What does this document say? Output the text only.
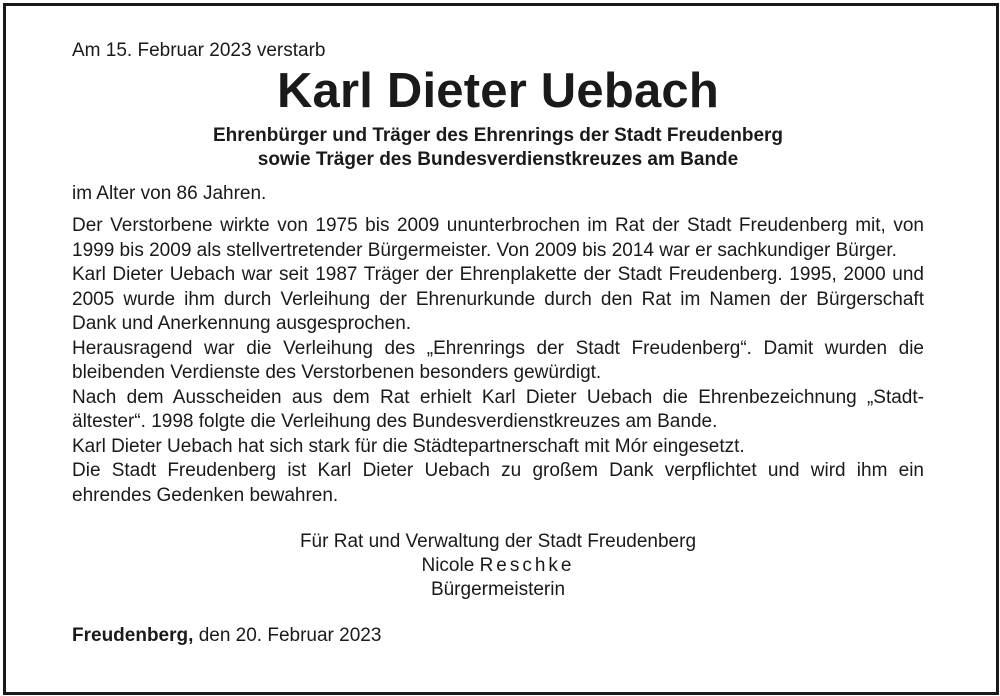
Am 15. Februar 2023 verstarb

Karl Dieter Uebach
Ehrenbürger und Träger des Ehrenrings der Stadt Freudenberg
sowie Träger des Bundesverdienstkreuzes am Bande

im Alter von 86 Jahren.

Der Verstorbene wirkte von 1975 bis 2009 ununterbrochen im Rat der Stadt Freudenberg mit, von 1999 bis 2009 als stellvertretender Bürgermeister. Von 2009 bis 2014 war er sachkundiger Bürger.

Karl Dieter Uebach war seit 1987 Träger der Ehrenplakette der Stadt Freudenberg. 1995, 2000 und 2005 wurde ihm durch Verleihung der Ehrenurkunde durch den Rat im Namen der Bürgerschaft Dank und Anerkennung ausgesprochen.

Herausragend war die Verleihung des „Ehrenrings der Stadt Freudenberg“. Damit wurden die bleibenden Verdienste des Verstorbenen besonders gewürdigt.

Nach dem Ausscheiden aus dem Rat erhielt Karl Dieter Uebach die Ehrenbezeichnung „Stadtältester“. 1998 folgte die Verleihung des Bundesverdienstkreuzes am Bande.

Karl Dieter Uebach hat sich stark für die Städtepartnerschaft mit Mór eingesetzt.

Die Stadt Freudenberg ist Karl Dieter Uebach zu großem Dank verpflichtet und wird ihm ein ehrendes Gedenken bewahren.

Für Rat und Verwaltung der Stadt Freudenberg
Nicole Reschke
Bürgermeisterin
Freudenberg, den 20. Februar 2023
